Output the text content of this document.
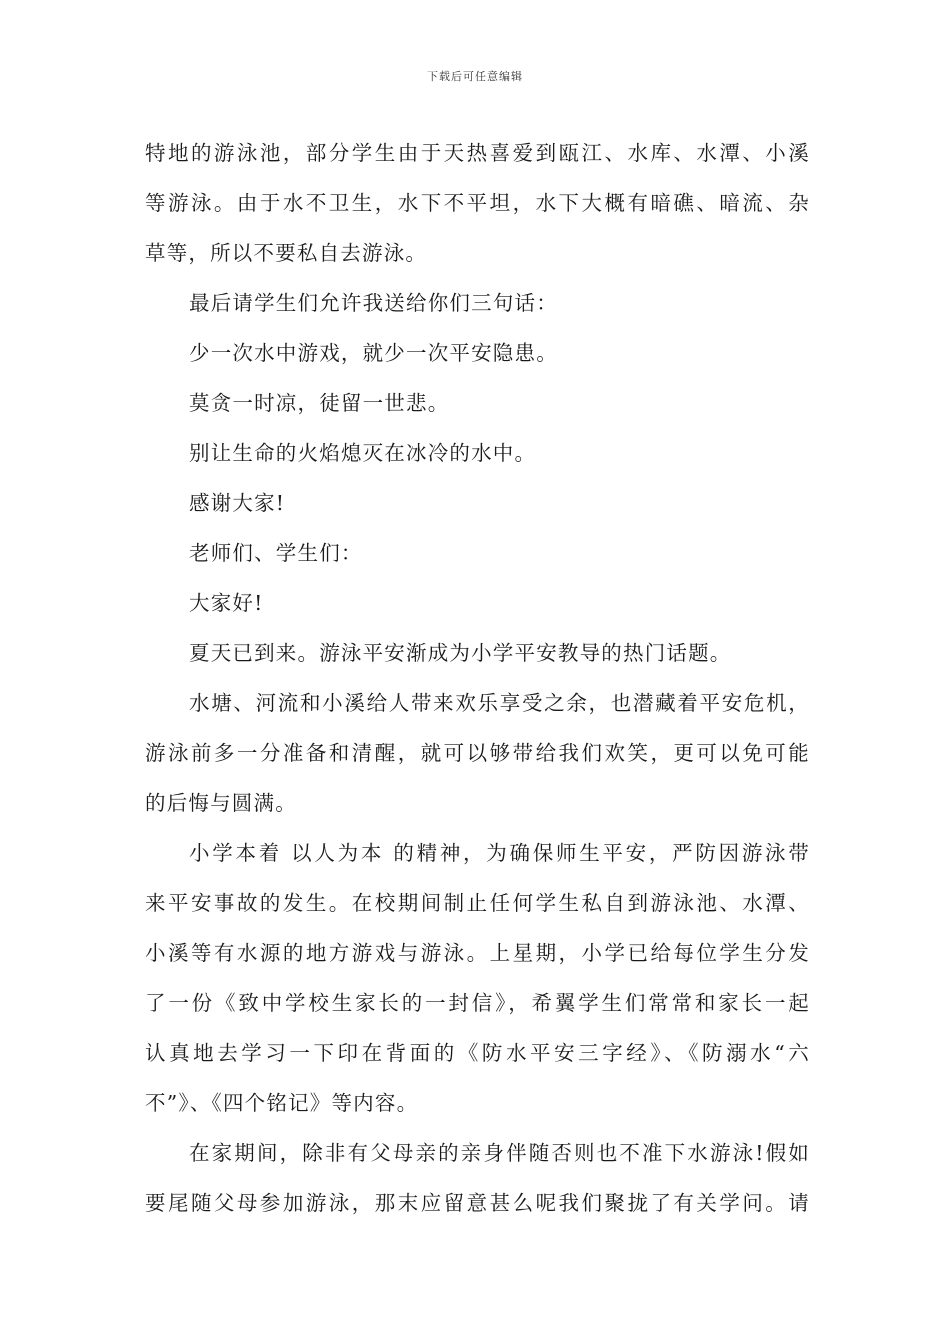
下载后可任意编辑
特地的游泳池，部分学生由于天热喜爱到瓯江、水库、水潭、小溪
等游泳。由于水不卫生，水下不平坦，水下大概有暗礁、暗流、杂
草等，所以不要私自去游泳。
最后请学生们允许我送给你们三句话：
少一次水中游戏，就少一次平安隐患。
莫贪一时凉，徒留一世悲。
别让生命的火焰熄灭在冰冷的水中。
感谢大家!
老师们、学生们：
大家好!
夏天已到来。游泳平安渐成为小学平安教导的热门话题。
水塘、河流和小溪给人带来欢乐享受之余，也潜藏着平安危机，
游泳前多一分准备和清醒，就可以够带给我们欢笑，更可以免可能
的后悔与圆满。
小学本着 以人为本 的精神，为确保师生平安，严防因游泳带
来平安事故的发生。在校期间制止任何学生私自到游泳池、水潭、
小溪等有水源的地方游戏与游泳。上星期，小学已给每位学生分发
了一份《致中学校生家长的一封信》，希翼学生们常常和家长一起
认真地去学习一下印在背面的《防水平安三字经》、《防溺水“六
不”》、《四个铭记》等内容。
在家期间，除非有父母亲的亲身伴随否则也不准下水游泳!假如
要尾随父母参加游泳，那末应留意甚么呢我们聚拢了有关学问。请
